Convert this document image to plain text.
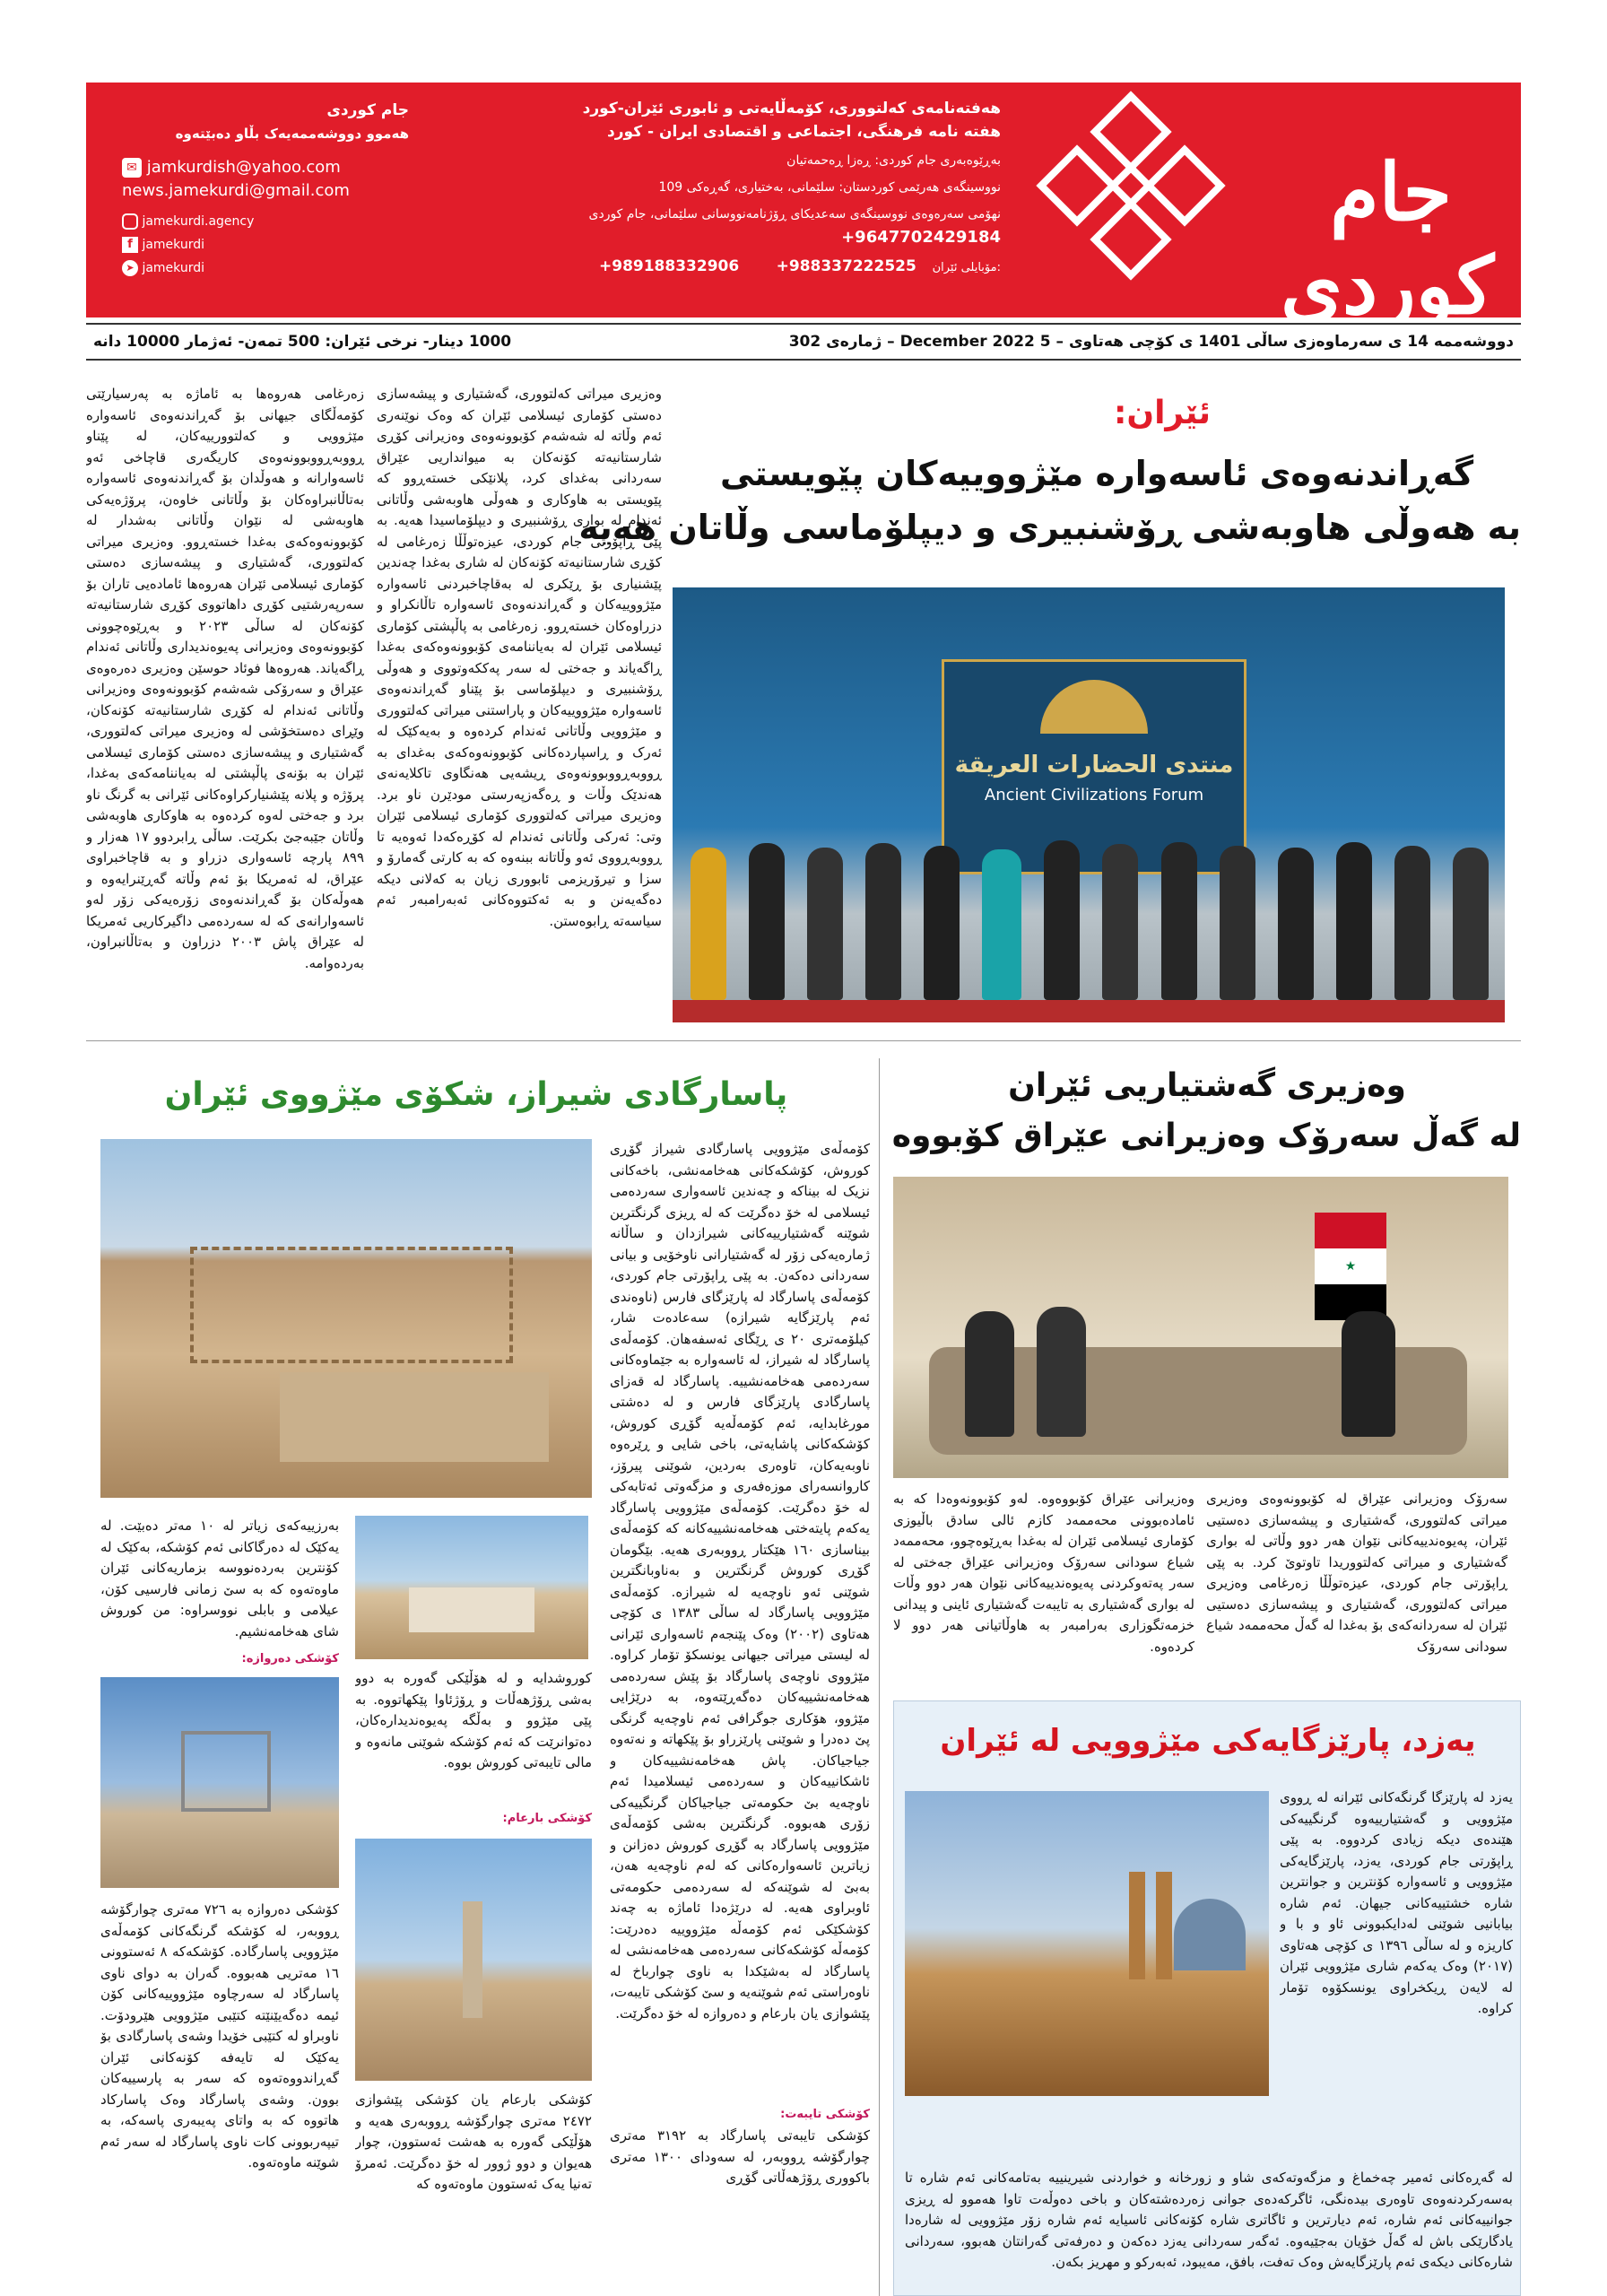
جام کوردی
هەفتەنامەی کەلتووری، کۆمەڵایەتی و ئابوری ئێران-کورد
هفته نامه فرهنگی، اجتماعی و اقتصادی ایران - کورد
بەڕێوەبەری جام کوردی: ڕەزا ڕەحمەتیان
نووسینگەی هەرێمی کوردستان: سلێمانی، بەختیاری، گەڕەکی 109
نهۆمی سەرەوەی نووسینگەی سەعدیکای ڕۆژنامەنووسانی سلێمانی، جام کوردی
+9647702429184
+989188332906 +988337222525 مۆبایلی ئێران:
جام کوردی
هەموو دووشەممەیەک بڵاو دەبێتەوە
✉ jamkurdish@yahoo.com
news.jamekurdi@gmail.com
jamekurdi.agency
f jamekurdi
➤ jamekurdi
1000 دینار- نرخی ئێران: 500 تمەن- ئەژمار 10000 دانە	دووشەممە 14 ی سەرماوەزی ساڵی 1401 ی کۆچی هەتاوی – 5 December 2022 – ژمارەی 302
ئێران:
گەڕاندنەوەی ئاسەوارە مێژووییەکان پێویستی
بە هەوڵی هاوبەشی ڕۆشنبیری و دیپلۆماسی وڵاتان هەیە
منتدى الحضارات العريقة
Ancient Civilizations Forum
وەزیری میراتی کەلتووری، گەشتیاری و پیشەسازی دەستی کۆماری ئیسلامی ئێران کە وەک نوێنەری ئەم وڵاتە لە شەشەم کۆبوونەوەی وەزیرانی کۆڕی شارستانیەتە کۆنەکان بە میوانداریی عێراق سەردانی بەغدای کرد، پلانێکی خستەڕوو کە پێویستی بە هاوکاری و هەوڵی هاوبەشی وڵاتانی ئەندام لە بواری ڕۆشنبیری و دیپلۆماسیدا هەیە. بە پێی ڕاپۆرتی جام کوردی، عیزەتوڵڵا زەرغامی لە کۆڕی شارستانیەتە کۆنەکان لە شاری بەغدا چەندین پێشنیاری بۆ ڕێکری لە بەقاچاخبردنی ئاسەوارە مێژووییەکان و گەڕاندنەوەی ئاسەوارە تاڵانکراو و دزراوەکان خستەڕوو. زەرغامی بە پاڵپشتی کۆماری ئیسلامی ئێران لە بەیاننامەی کۆبوونەوەکەی بەغدا ڕاگەیاند و جەختی لە سەر پەککەوتووی و هەوڵی ڕۆشنبیری و دیپلۆماسی بۆ پێناو گەڕاندنەوەی ئاسەوارە مێژووییەکان و پاراستنی میراتی کەلتووری و مێژوویی وڵاتانی ئەندام کردەوە و بەیەکێک لە ئەرک و ڕاسپاردەکانی کۆبوونەوەکەی بەغدای بە ڕووبەڕووبوونەوەی ڕیشەیی هەنگاوی تاکلایەنەی هەندێک وڵات و ڕەگەزپەرستی مودێرن ناو برد. وەزیری میراتی کەلتووری کۆماری ئیسلامی ئێران وتی: ئەرکی وڵاتانی ئەندام لە کۆڕەکەدا ئەوەیە تا ڕووبەڕووی ئەو وڵاتانە ببنەوە کە بە کارتی گەمارۆ و سزا و تیرۆریزمی ئابووری زیان بە کەلانی دیکە دەگەیەنن و بە ئەکتووەکانی ئەبەرامبەر ئەم سیاسەتە ڕابوەستن.
زەرغامی هەروەها بە ئاماژە بە پەرسیارێتی کۆمەڵگای جیهانی بۆ گەڕاندنەوەی ئاسەوارە مێژوویی و کەلتوورییەکان، لە پێناو ڕووبەڕووبوونەوەی کاریگەری قاچاخی ئەو ئاسەوارانە و هەوڵدان بۆ گەڕاندنەوەی ئاسەوارە بەتاڵانبراوەکان بۆ وڵاتانی خاوەن، پرۆژەیەکی هاوبەشی لە نێوان وڵاتانی بەشدار لە کۆبوونەوەکەی بەغدا خستەڕوو. وەزیری میراتی کەلتووری، گەشتیاری و پیشەسازی دەستی کۆماری ئیسلامی ئێران هەروەها ئامادەیی تاران بۆ سەرپەرشتیی کۆڕی داهاتووی کۆڕی شارستانیەتە کۆنەکان لە ساڵی ٢٠٢٣ و بەڕێوەچوونی کۆبوونەوەی وەزیرانی پەیوەندیداری وڵاتانی ئەندام ڕاگەیاند. هەروەها فوئاد حوسێن وەزیری دەرەوەی عێراق و سەرۆکی شەشەم کۆبوونەوەی وەزیرانی وڵاتانی ئەندام لە کۆڕی شارستانیەتە کۆنەکان، وێڕای دەستخۆشی لە وەزیری میراتی کەلتووری، گەشتیاری و پیشەسازی دەستی کۆماری ئیسلامی ئێران بە بۆنەی پاڵپشتی لە بەیاننامەکەی بەغدا، پرۆژە و پلانە پێشنیارکراوەکانی ئێرانی بە گرنگ ناو برد و جەختی لەوە کردەوە بە هاوکاری هاوبەشی وڵاتان جێبەجێ بکرێت. ساڵی ڕابردوو ١٧ هەزار و ٨٩٩ پارچە ئاسەواری دزراو و بە قاچاخبراوی عێراق، لە ئەمریکا بۆ ئەم وڵاتە گەڕێنرایەوە و هەوڵەکان بۆ گەڕاندنەوەی زۆرەیەکی زۆر لەو ئاسەوارانەی کە لە سەردەمی داگیرکاریی ئەمریکا لە عێراق پاش ٢٠٠٣ دزراون و بەتاڵانبراون، بەردەوامە.
وەزیری گەشتیاریی ئێران
لە گەڵ سەرۆک وەزیرانی عێراق کۆبووە
★
سەرۆک وەزیرانی عێراق لە کۆبوونەوەی وەزیری میراتی کەلتووری، گەشتیاری و پیشەسازی دەستیی ئێران، پەیوەندییەکانی نێوان هەر دوو وڵاتی لە بواری گەشتیاری و میراتی کەلتووریدا تاوتوێ کرد. بە پێی ڕاپۆرتی جام کوردی، عیزەتوڵڵا زەرغامی وەزیری میراتی کەلتووری، گەشتیاری و پیشەسازی دەستیی ئێران لە سەردانەکەی بۆ بەغدا لە گەڵ محەممەد شیاع سودانی سەرۆک
وەزیرانی عێراق کۆبووەوە. لەو کۆبوونەوەدا کە بە ئامادەبوونی محەممەد کازم ئالی سادق باڵیوزی کۆماری ئیسلامی ئێران لە بەغدا بەڕێوەچوو، محەممەد شیاع سودانی سەرۆک وەزیرانی عێراق جەختی لە سەر پەتەوکردنی پەیوەندییەکانی نێوان هەر دوو وڵات لە بواری گەشتیاری بە تایبەت گەشتیاری ئاینی و پیدانی خزمەتگوزاری بەرامبەر بە هاوڵاتیانی هەر دوو لا کردەوە.
یەزد، پارێزگایەکی مێژوویی لە ئێران
یەزد لە پارێزگا گرنگەکانی ئێرانە لە ڕووی مێژوویی و گەشتیارییەوە گرنگییەکی هێندەی دیکە زیادی کردووە. بە پێی ڕاپۆرتی جام کوردی، یەزد، پارێزگایەکی مێژوویی و ئاسەوارە کۆنترین و جوانترین شارە خشتییەکانی جیهان. ئەم شارە بیابانیی شوێنی لەدایکبوونی ئاو و با و کاریزە و لە ساڵی ١٣٩٦ ی کۆچی هەتاوی (٢٠١٧) وەک یەکەم شاری مێژوویی ئێران لە لایەن ڕیکخراوی یونسکۆوە تۆمار کراوە.
لە گەڕەکانی ئەمیر چەخماغ و مزگەوتەکەی شاو و زورخانە و خواردنی شیرینییە بەتامەکانی ئەم شارە تا بەسەرکردنەوەی تاوەری بیدەنگی، ئاگرکەدەی جوانی زەردەشتەکان و باخی دەوڵەت تاوا هەموو لە ڕیزی جوانییەکانی ئەم شارە، ئەم دیارترین و ئاگاتری شارە کۆنەکانی ئاسیایە ئەم شارە زۆر مێژوویی لە شارەدا یادگارێکی باش لە گەڵ خۆیان بەجێیەوە. ئەگەر سەردانی یەزد دەکەن و دەرفەتی گەرانتان هەبوو، سەردانی شارەکانی دیکەی ئەم پارێزگایەش وەک تەفت، بافق، مەیبود، ئەبەرکو و مهریز بکەن.
پاسارگادی شیراز، شکۆی مێژووی ئێران
کۆمەڵەی مێژوویی پاسارگادی شیراز گۆڕی کوروش، کۆشکەکانی هەخامەنشی، باخەکانی نزیک لە بیناکە و چەندین ئاسەواری سەردەمی ئیسلامی لە خۆ دەگرێت کە لە ڕیزی گرنگترین شوێنە گەشتیارییەکانی شیرازدان و ساڵانە ژمارەیەکی زۆر لە گەشتیارانی ناوخۆیی و بیانی سەردانی دەکەن. بە پێی ڕاپۆرتی جام کوردی، کۆمەڵەی پاسارگاد لە پارێزگای فارس (ناوەندی ئەم پارێزگایە شیرازە) سەعادەت شار، کیلۆمەتری ٢٠ ی ڕێگای ئەسفەهان. کۆمەڵەی پاسارگاد لە شیراز، لە ئاسەوارە بە جێماوەکانی سەردەمی هەخامەنشییە. پاسارگاد لە قەزای پاسارگادی پارێزگای فارس و لە دەشتی مورغابدایە، ئەم کۆمەڵەیە گۆڕی کوروش، کۆشکەکانی پاشایەتی، باخی شایی و ڕێرەوە ناوبەیەکان، تاوەری بەردین، شوێنی پیرۆز، کاروانسەرای موزەفەری و مزگەوتی ئەتابەکی لە خۆ دەگرێت. کۆمەڵەی مێژوویی پاسارگاد یەکەم پایتەختی هەخامەنشییەکانە کە کۆمەڵەی بیناسازی ١٦٠ هێکتار ڕووبەری هەیە. بێگومان گۆڕی کوروش گرنگترین و بەناوبانگترین شوێنی ئەو ناوچەیە لە شیرازە. کۆمەڵەی مێژوویی پاسارگاد لە ساڵی ١٣٨٣ ی کۆچی هەتاوی (٢٠٠٢) وەک پێنجەم ئاسەواری ئێرانی لە لیستی میراتی جیهانی یونسکۆ تۆمار کراوە. مێژووی ناوچەی پاسارگاد بۆ پێش سەردەمی هەخامەنشییەکان دەگەڕێتەوە، بە درێژایی مێژوو، هۆکاری جوگرافی ئەم ناوچەیە گرنگی پێ دەدرا و شوێنی پارێزراو بۆ پێکهاتە و نەتەوە جیاجیاکان. پاش هەخامەنشییەکان و ئاشکانییەکان و سەردەمی ئیسلامیدا ئەم ناوچەیە بێ حکومەتی جیاجیاکان گرنگییەکی زۆری هەبووە. گرنگترین بەشی کۆمەڵەی مێژوویی پاسارگاد بە گۆڕی کوروش دەزانن و زیاترین ئاسەوارەکانی کە لەم ناوچەیە هەن، بەبێ لە شوێنەکە لە سەردەمی حکومەتی ئاوبراوی هەیە. لە درێژەدا ئاماژە بە چەند کۆشکێکی ئەم کۆمەڵە مێژووییە دەدرێت: کۆمەڵە کۆشکەکانی سەردەمی هەخامەنشی لە پاسارگاد لە بەشێکدا بە ناوی چوارباخ لە ناوەراستی ئەم شوێنەیە و سێ کۆشکی تایبەت، پێشوازی یان بارعام و دەروازە لە خۆ دەگرێت.
کۆشکی تایبەت:
کۆشکی تایبەتی پاسارگاد بە ٣١٩٢ مەتری چوارگۆشە ڕووبەر، لە سەودای ١٣٠٠ مەتری باکووری ڕۆژهەڵاتی گۆڕی
کوروشدایە و لە هۆڵێکی گەورە بە دوو بەشی ڕۆژهەڵات و ڕۆژئاوا پێکهاتووە. بە پێی مێژوو و بەڵگە پەیوەندیدارەکان، دەتوانرێت کە ئەم کۆشکە شوێنی مانەوە و مالی تایبەتی کوروش بووە.
کۆشکی بارعام:
کۆشکی بارعام یان کۆشکی پێشوازی ٢٤٧٢ مەتری چوارگۆشە ڕووبەری هەیە و هۆڵێکی گەورە بە هەشت ئەستوون، چوار هەیوان و دوو ژوور لە خۆ دەگرێت. ئەمرۆ تەنیا یەک ئەستوون ماوەتەوە کە
بەرزییەکەی زیاتر لە ١٠ مەتر دەبێت. لە یەکێک لە دەرگاکانی ئەم کۆشکە، بەکێک لە کۆنترین بەردەنووسە بزماریەکانی ئێران ماوەتەوە کە بە سێ زمانی فارسیی کۆن، عیلامی و بابلی نووسراوە: من کوروش شای هەخامەنشیم.
کۆشکی دەروازە:
کۆشکی دەروازە بە ٧٢٦ مەتری چوارگۆشە ڕووبەر، لە کۆشکە گرنگەکانی کۆمەڵەی مێژوویی پاسارگادە. کۆشکەکە ٨ ئەستوونی ١٦ مەتریی هەبووە. گەران بە دوای ناوی پاسارگاد لە سەرچاوە مێژووییەکانی کۆن ئیمە دەگەیێنێتە کتێبی مێژوویی هێرودۆت. ناوبراو لە کتێبی خۆیدا وشەی پاسارگادی بۆ یەکێک لە تایەفە کۆنەکانی ئێران گەڕاندووەتەوە کە سەر بە پارسییەکان بوون. وشەی پاسارگاد وەک پاسارکاد هاتووە کە بە واتای پەیبەری پاسەکە، بە تیپەربوونی کات ناوی پاسارگاد لە سەر ئەم شوێنە ماوەتەوە.
